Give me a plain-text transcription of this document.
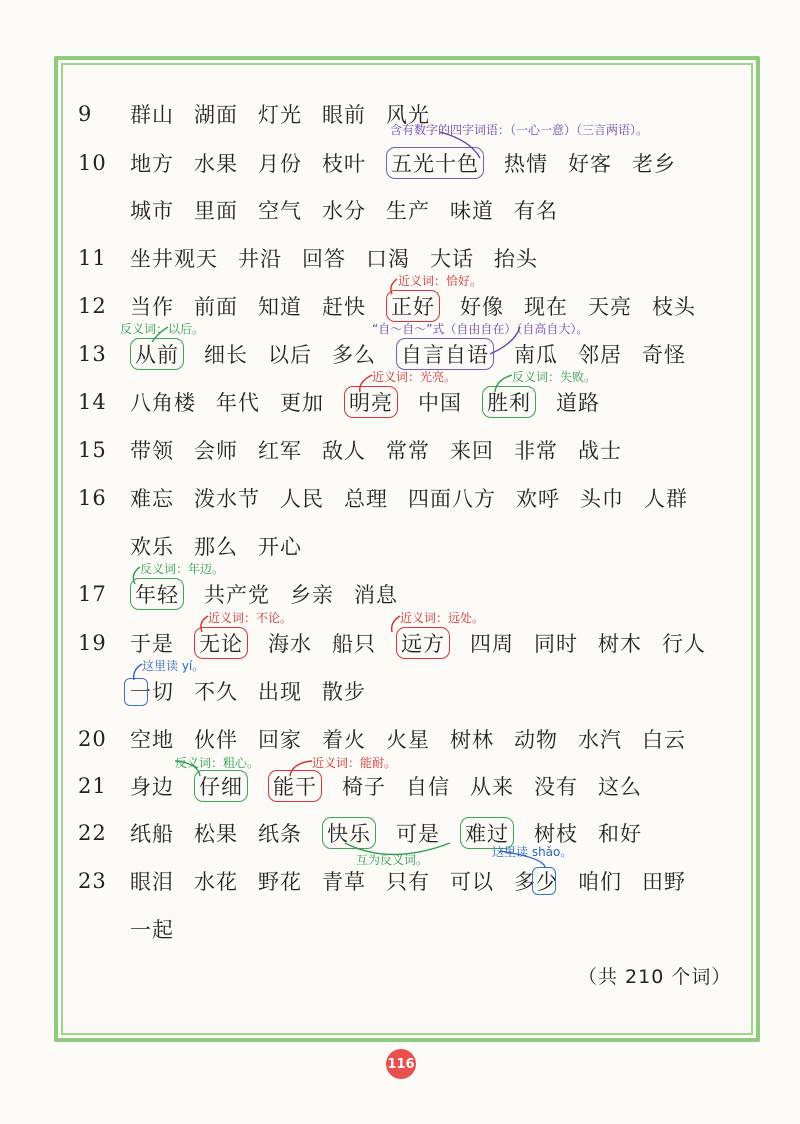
9	群山 湖面 灯光 眼前 风光
含有数字的四字词语：（一心一意）（三言两语）。
10	地方 水果 月份 枝叶 五光十色 热情 好客 老乡
城市 里面 空气 水分 生产 味道 有名
11	坐井观天 井沿 回答 口渴 大话 抬头
近义词：恰好。
12	当作 前面 知道 赶快 正好 好像 现在 天亮 枝头
反义词：以后。	“自～自～”式（自由自在）（自高自大）。
13	从前 细长 以后 多么 自言自语 南瓜 邻居 奇怪
近义词：光亮。	反义词：失败。
14	八角楼 年代 更加 明亮 中国 胜利 道路
15	带领 会师 红军 敌人 常常 来回 非常 战士
16	难忘 泼水节 人民 总理 四面八方 欢呼 头巾 人群
欢乐 那么 开心
反义词：年迈。
17	年轻 共产党 乡亲 消息
近义词：不论。	近义词：远处。
19	于是 无论 海水 船只 远方 四周 同时 树木 行人
这里读 yí。
一切 不久 出现 散步
20	空地 伙伴 回家 着火 火星 树林 动物 水汽 白云
反义词：粗心。	近义词：能耐。
21	身边 仔细 能干 椅子 自信 从来 没有 这么
22	纸船 松果 纸条 快乐 可是 难过 树枝 和好
互为反义词。
这里读 shǎo。
23	眼泪 水花 野花 青草 只有 可以 多少 咱们 田野
一起
（共 210 个词）
116
